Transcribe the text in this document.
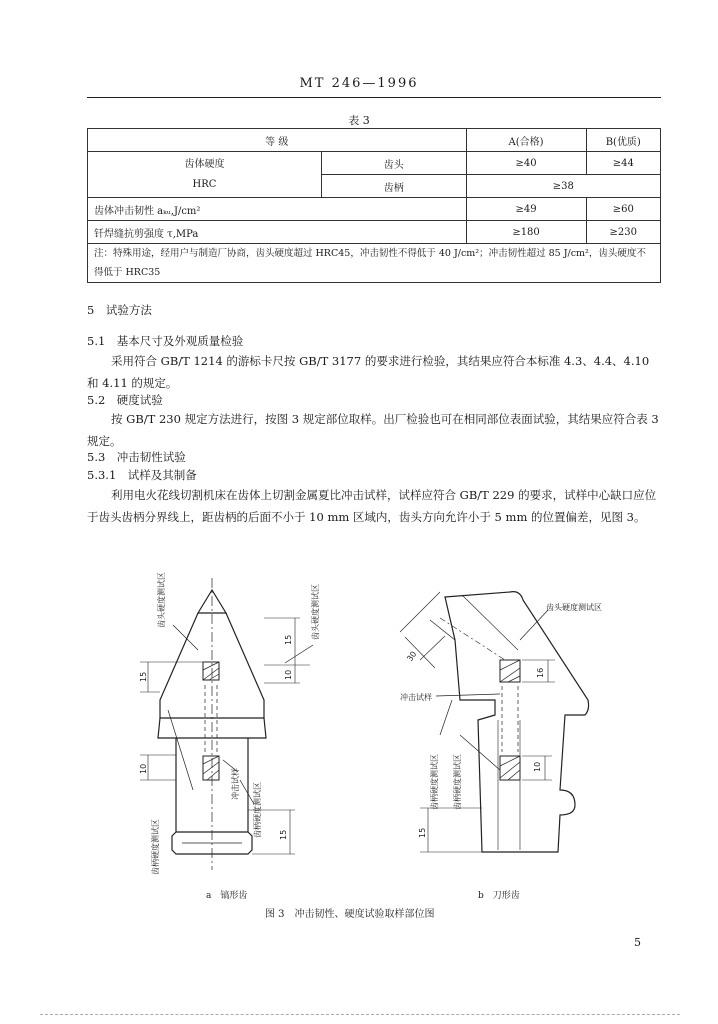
MT 246—1996
表 3
等 级		A(合格)	B(优质)

齿体硬度
HRC	齿头	≥40	≥44
	齿柄	≥38	
齿体冲击韧性 aₖᵤ,J/cm²		≥49	≥60
钎焊缝抗剪强度 τ,MPa		≥180	≥230
注：特殊用途，经用户与制造厂协商，齿头硬度超过 HRC45，冲击韧性不得低于 40 J/cm²；冲击韧性超过 85 J/cm²，齿头硬度不得低于 HRC35			
5　试验方法
5.1　基本尺寸及外观质量检验
采用符合 GB/T 1214 的游标卡尺按 GB/T 3177 的要求进行检验，其结果应符合本标准 4.3、4.4、4.10 和 4.11 的规定。
5.2　硬度试验
按 GB/T 230 规定方法进行，按图 3 规定部位取样。出厂检验也可在相同部位表面试验，其结果应符合表 3 规定。
5.3　冲击韧性试验
5.3.1　试样及其制备
利用电火花线切割机床在齿体上切割金属夏比冲击试样，试样应符合 GB/T 229 的要求，试样中心缺口应位于齿头齿柄分界线上，距齿柄的后面不小于 10 mm 区域内，齿头方向允许小于 5 mm 的位置偏差，见图 3。
齿头硬度测试区	齿头硬度测试区
冲击试样 齿柄硬度测试区
齿柄硬度测试区
15
10
15
10
15
齿头硬度测试区
冲击试样
齿柄硬度测试区 齿柄硬度测试区
30
16
10
15
a　镐形齿	b　刀形齿
图 3　冲击韧性、硬度试验取样部位图
5
